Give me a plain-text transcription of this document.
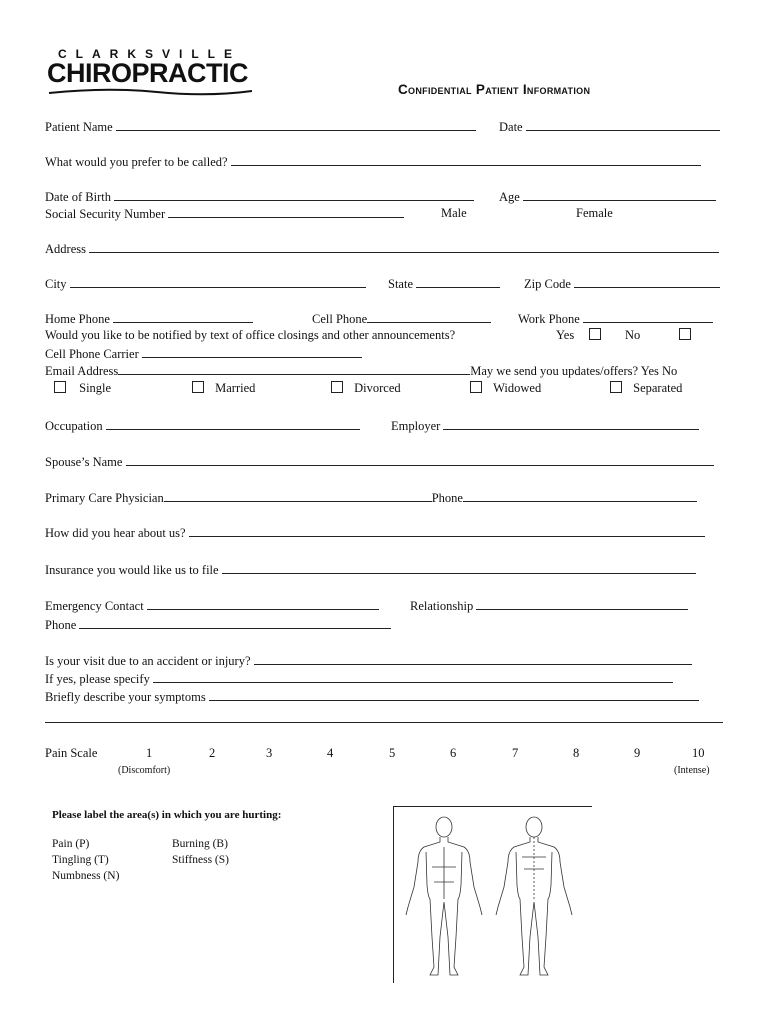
CLARKSVILLE
CHIROPRACTIC
Confidential Patient Information
Patient Name	Date
What would you prefer to be called?
Date of Birth	Age
Social Security Number	Male	Female
Address
City	State	Zip Code
Home Phone	Cell Phone	Work Phone
Would you like to be notified by text of office closings and other announcements?	Yes	No
Cell Phone Carrier
Email Address	May we send you updates/offers? Yes No
Single	Married	Divorced	Widowed	Separated
Occupation	Employer
Spouse’s Name
Primary Care Physician	Phone
How did you hear about us?
Insurance you would like us to file
Emergency Contact	Relationship
Phone
Is your visit due to an accident or injury?
If yes, please specify
Briefly describe your symptoms
Pain Scale	1	2	3	4	5	6	7	8	9	10
(Discomfort)	(Intense)
Please label the area(s) in which you are hurting:
Pain (P)
Tingling (T)
Numbness (N)
Burning (B)
Stiffness (S)
